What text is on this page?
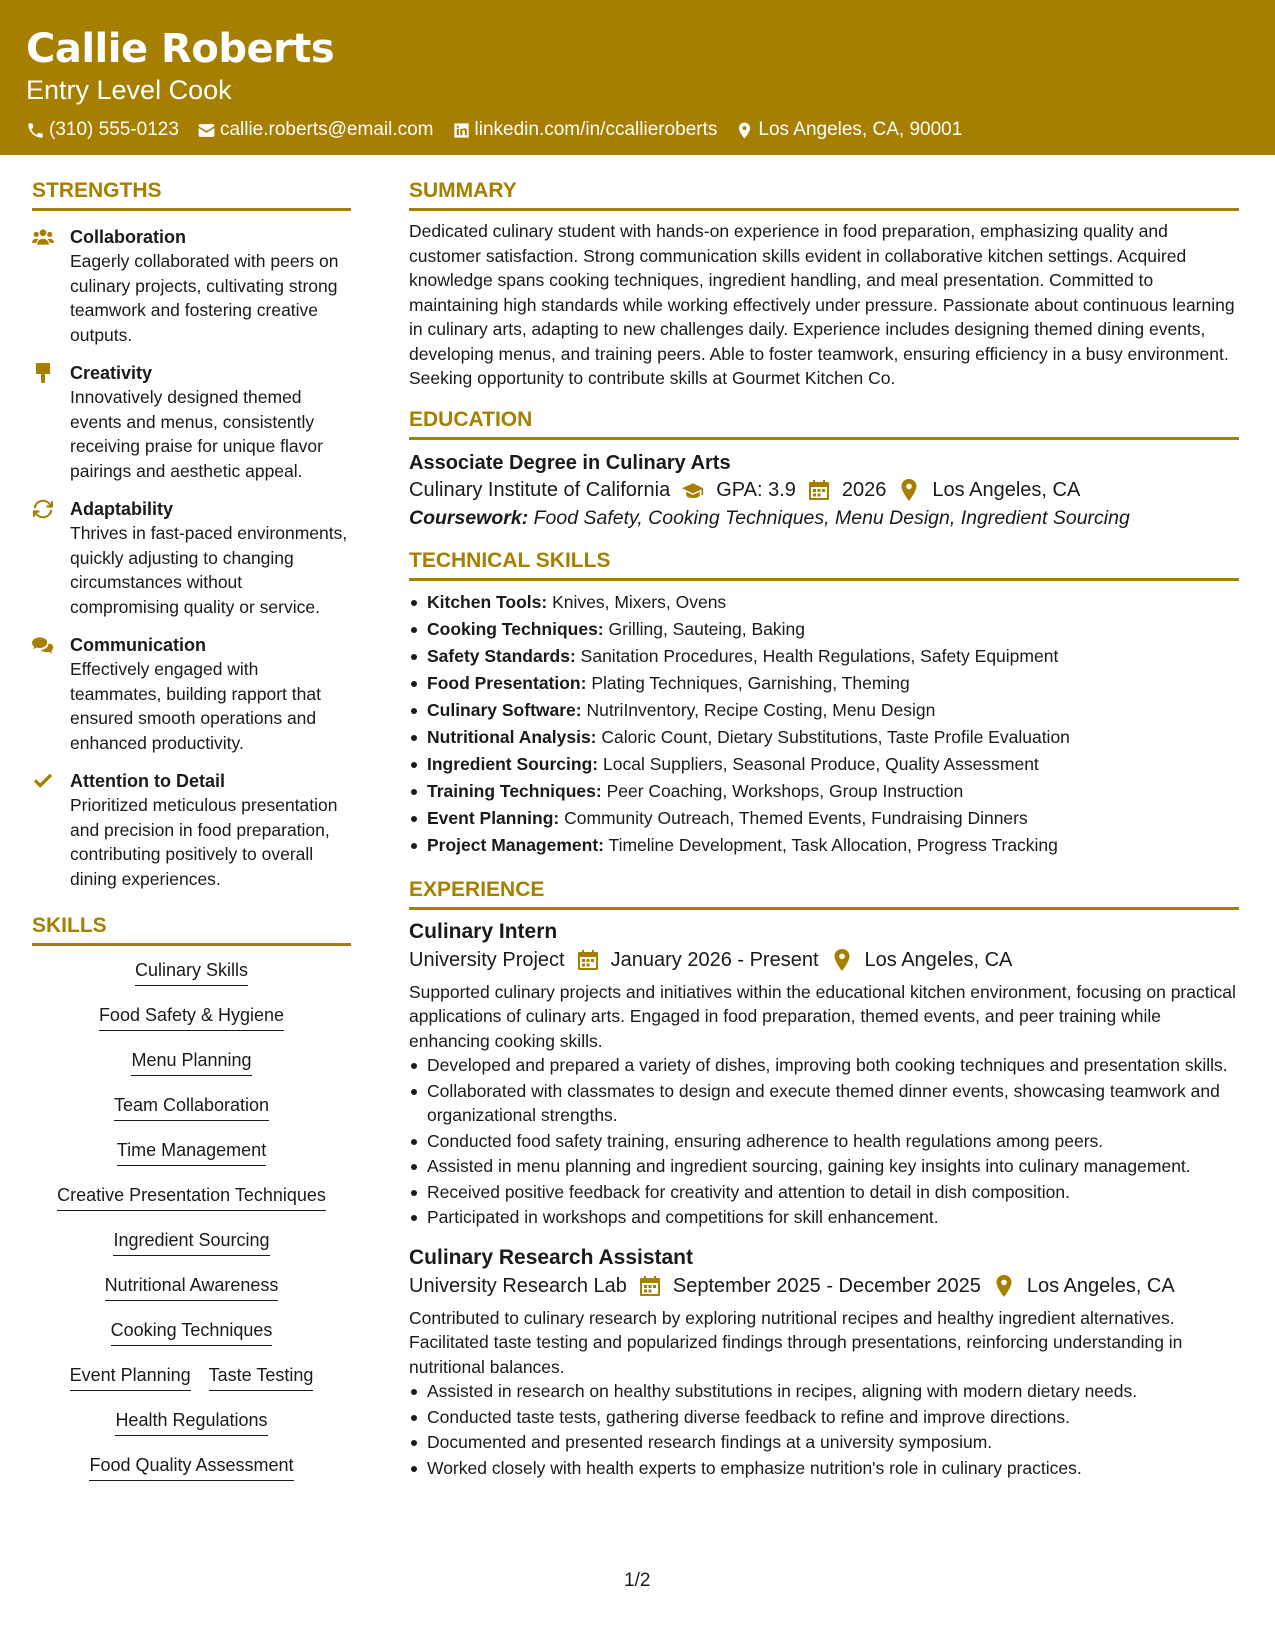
Callie Roberts
Entry Level Cook
(310) 555-0123 callie.roberts@email.com linkedin.com/in/ccallieroberts Los Angeles, CA, 90001
STRENGTHS
Collaboration
Eagerly collaborated with peers on culinary projects, cultivating strong teamwork and fostering creative outputs.
Creativity
Innovatively designed themed events and menus, consistently receiving praise for unique flavor pairings and aesthetic appeal.
Adaptability
Thrives in fast-paced environments, quickly adjusting to changing circumstances without compromising quality or service.
Communication
Effectively engaged with teammates, building rapport that ensured smooth operations and enhanced productivity.
Attention to Detail
Prioritized meticulous presentation and precision in food preparation, contributing positively to overall dining experiences.
SKILLS
Culinary Skills
Food Safety & Hygiene
Menu Planning
Team Collaboration
Time Management
Creative Presentation Techniques
Ingredient Sourcing
Nutritional Awareness
Cooking Techniques
Event Planning Taste Testing
Health Regulations
Food Quality Assessment
SUMMARY
Dedicated culinary student with hands-on experience in food preparation, emphasizing quality and customer satisfaction. Strong communication skills evident in collaborative kitchen settings. Acquired knowledge spans cooking techniques, ingredient handling, and meal presentation. Committed to maintaining high standards while working effectively under pressure. Passionate about continuous learning in culinary arts, adapting to new challenges daily. Experience includes designing themed dining events, developing menus, and training peers. Able to foster teamwork, ensuring efficiency in a busy environment. Seeking opportunity to contribute skills at Gourmet Kitchen Co.
EDUCATION
Associate Degree in Culinary Arts
Culinary Institute of California GPA: 3.9 2026 Los Angeles, CA
Coursework: Food Safety, Cooking Techniques, Menu Design, Ingredient Sourcing
TECHNICAL SKILLS
Kitchen Tools: Knives, Mixers, Ovens
Cooking Techniques: Grilling, Sauteing, Baking
Safety Standards: Sanitation Procedures, Health Regulations, Safety Equipment
Food Presentation: Plating Techniques, Garnishing, Theming
Culinary Software: NutriInventory, Recipe Costing, Menu Design
Nutritional Analysis: Caloric Count, Dietary Substitutions, Taste Profile Evaluation
Ingredient Sourcing: Local Suppliers, Seasonal Produce, Quality Assessment
Training Techniques: Peer Coaching, Workshops, Group Instruction
Event Planning: Community Outreach, Themed Events, Fundraising Dinners
Project Management: Timeline Development, Task Allocation, Progress Tracking
EXPERIENCE
Culinary Intern
University Project January 2026 - Present Los Angeles, CA
Supported culinary projects and initiatives within the educational kitchen environment, focusing on practical applications of culinary arts. Engaged in food preparation, themed events, and peer training while enhancing cooking skills.
Developed and prepared a variety of dishes, improving both cooking techniques and presentation skills.
Collaborated with classmates to design and execute themed dinner events, showcasing teamwork and organizational strengths.
Conducted food safety training, ensuring adherence to health regulations among peers.
Assisted in menu planning and ingredient sourcing, gaining key insights into culinary management.
Received positive feedback for creativity and attention to detail in dish composition.
Participated in workshops and competitions for skill enhancement.
Culinary Research Assistant
University Research Lab September 2025 - December 2025 Los Angeles, CA
Contributed to culinary research by exploring nutritional recipes and healthy ingredient alternatives. Facilitated taste testing and popularized findings through presentations, reinforcing understanding in nutritional balances.
Assisted in research on healthy substitutions in recipes, aligning with modern dietary needs.
Conducted taste tests, gathering diverse feedback to refine and improve directions.
Documented and presented research findings at a university symposium.
Worked closely with health experts to emphasize nutrition's role in culinary practices.
1/2
